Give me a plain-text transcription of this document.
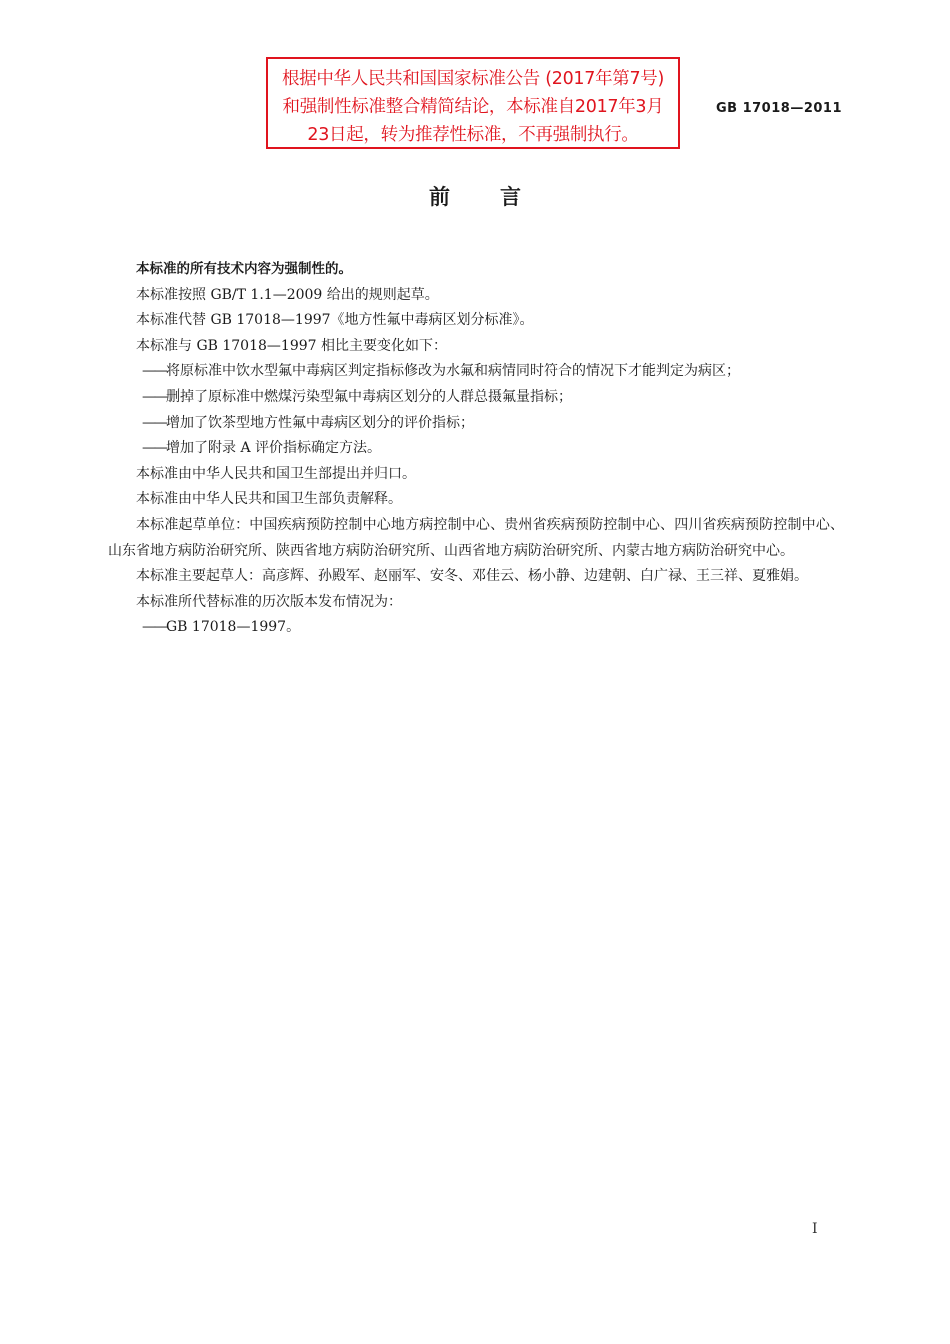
根据中华人民共和国国家标准公告 (2017年第7号) 和强制性标准整合精简结论，本标准自2017年3月23日起，转为推荐性标准，不再强制执行。
GB 17018—2011
前言

本标准的所有技术内容为强制性的。

本标准按照 GB/T 1.1—2009 给出的规则起草。

本标准代替 GB 17018—1997《地方性氟中毒病区划分标准》。

本标准与 GB 17018—1997 相比主要变化如下：

——将原标准中饮水型氟中毒病区判定指标修改为水氟和病情同时符合的情况下才能判定为病区；

——删掉了原标准中燃煤污染型氟中毒病区划分的人群总摄氟量指标；

——增加了饮茶型地方性氟中毒病区划分的评价指标；

——增加了附录 A 评价指标确定方法。

本标准由中华人民共和国卫生部提出并归口。

本标准由中华人民共和国卫生部负责解释。

本标准起草单位：中国疾病预防控制中心地方病控制中心、贵州省疾病预防控制中心、四川省疾病预防控制中心、山东省地方病防治研究所、陕西省地方病防治研究所、山西省地方病防治研究所、内蒙古地方病防治研究中心。

本标准主要起草人：高彦辉、孙殿军、赵丽军、安冬、邓佳云、杨小静、边建朝、白广禄、王三祥、夏雅娟。

本标准所代替标准的历次版本发布情况为：

——GB 17018—1997。

I
